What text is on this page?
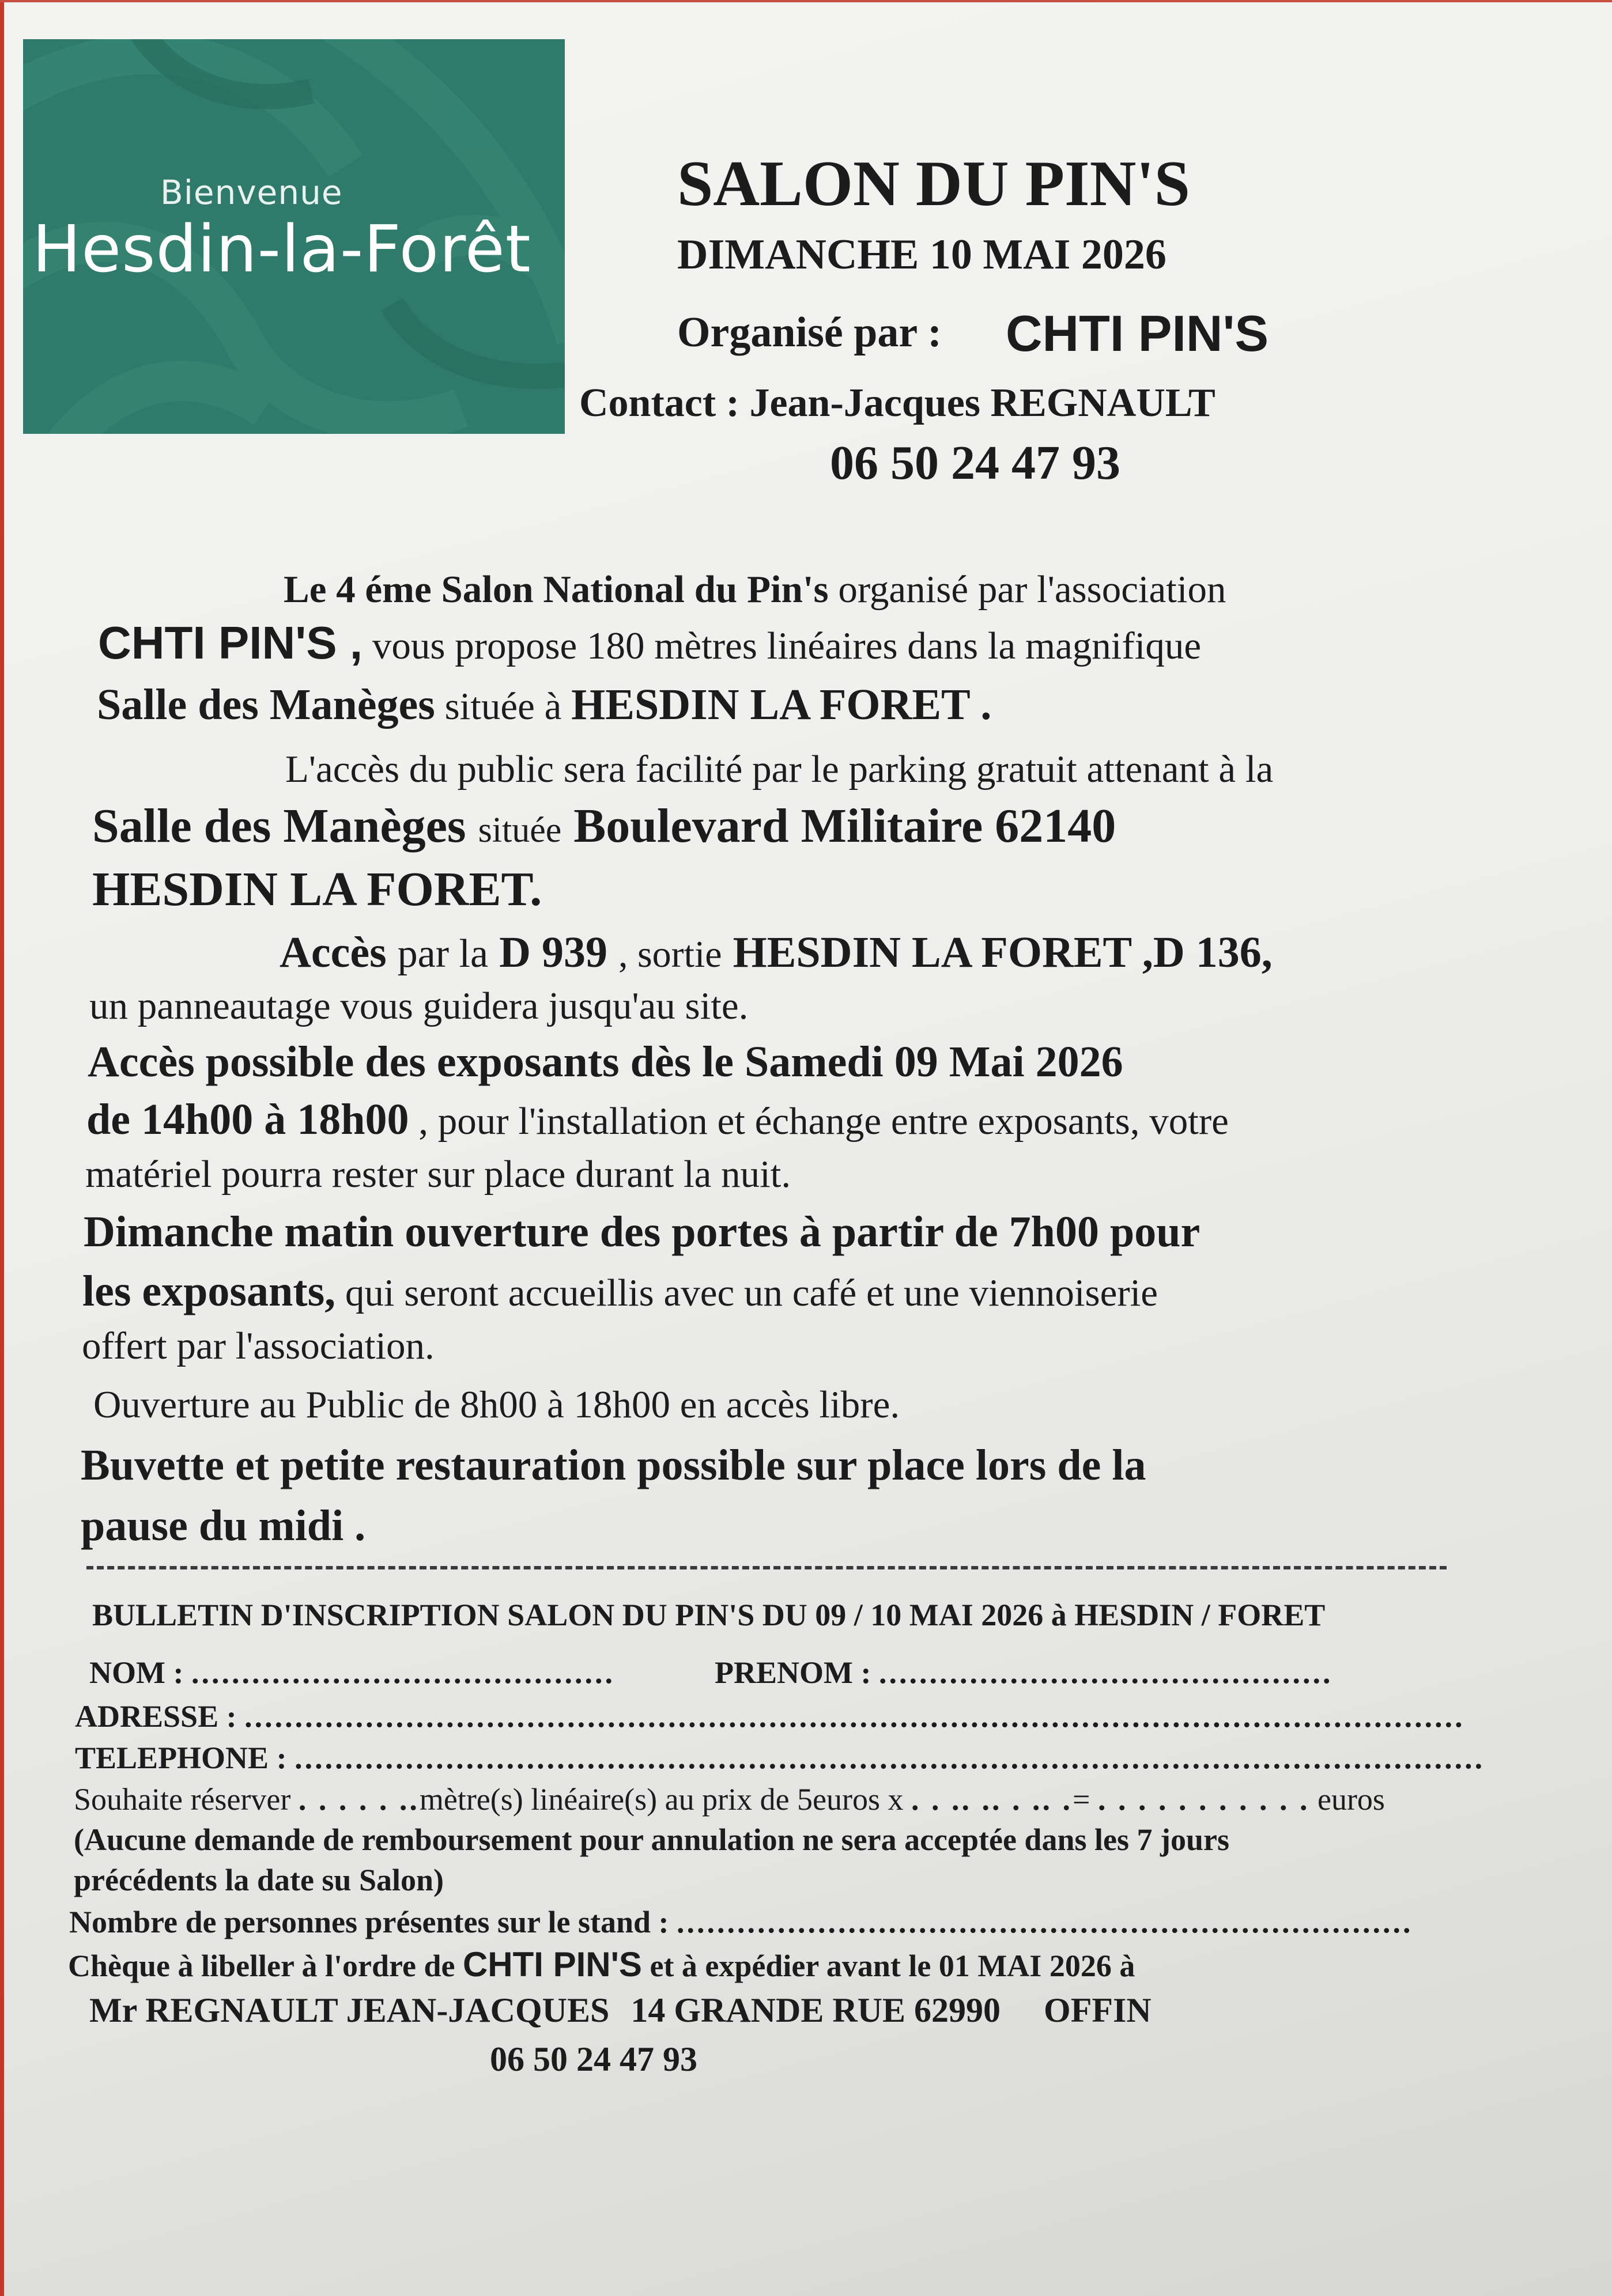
Bienvenue
Hesdin-la-Forêt
SALON DU PIN'S
DIMANCHE 10 MAI 2026
Organisé par : CHTI PIN'S
Contact : Jean-Jacques REGNAULT
06 50 24 47 93
Le 4 éme Salon National du Pin's organisé par l'association
CHTI PIN'S , vous propose 180 mètres linéaires dans la magnifique
Salle des Manèges située à HESDIN LA FORET .
L'accès du public sera facilité par le parking gratuit attenant à la
Salle des Manèges située Boulevard Militaire 62140
HESDIN LA FORET.
Accès par la D 939 , sortie HESDIN LA FORET ,D 136,
un panneautage vous guidera jusqu'au site.
Accès possible des exposants dès le Samedi 09 Mai 2026
de 14h00 à 18h00 , pour l'installation et échange entre exposants, votre
matériel pourra rester sur place durant la nuit.
Dimanche matin ouverture des portes à partir de 7h00 pour
les exposants, qui seront accueillis avec un café et une viennoiserie
offert par l'association.
Ouverture au Public de 8h00 à 18h00 en accès libre.
Buvette et petite restauration possible sur place lors de la
pause du midi .
BULLETIN D'INSCRIPTION SALON DU PIN'S DU 09 / 10 MAI 2026 à HESDIN / FORET
NOM : ..........................................	PRENOM : .............................................
ADRESSE : .........................................................................................................................
TELEPHONE : ......................................................................................................................
Souhaite réserver . . . . . ..mètre(s) linéaire(s) au prix de 5euros x . . .. .. . .. .= . . . . . . . . . . . euros
(Aucune demande de remboursement pour annulation ne sera acceptée dans les 7 jours
précédents la date su Salon)
Nombre de personnes présentes sur le stand : .........................................................................
Chèque à libeller à l'ordre de CHTI PIN'S et à expédier avant le 01 MAI 2026 à
Mr REGNAULT JEAN-JACQUES 14 GRANDE RUE 62990 OFFIN
06 50 24 47 93
